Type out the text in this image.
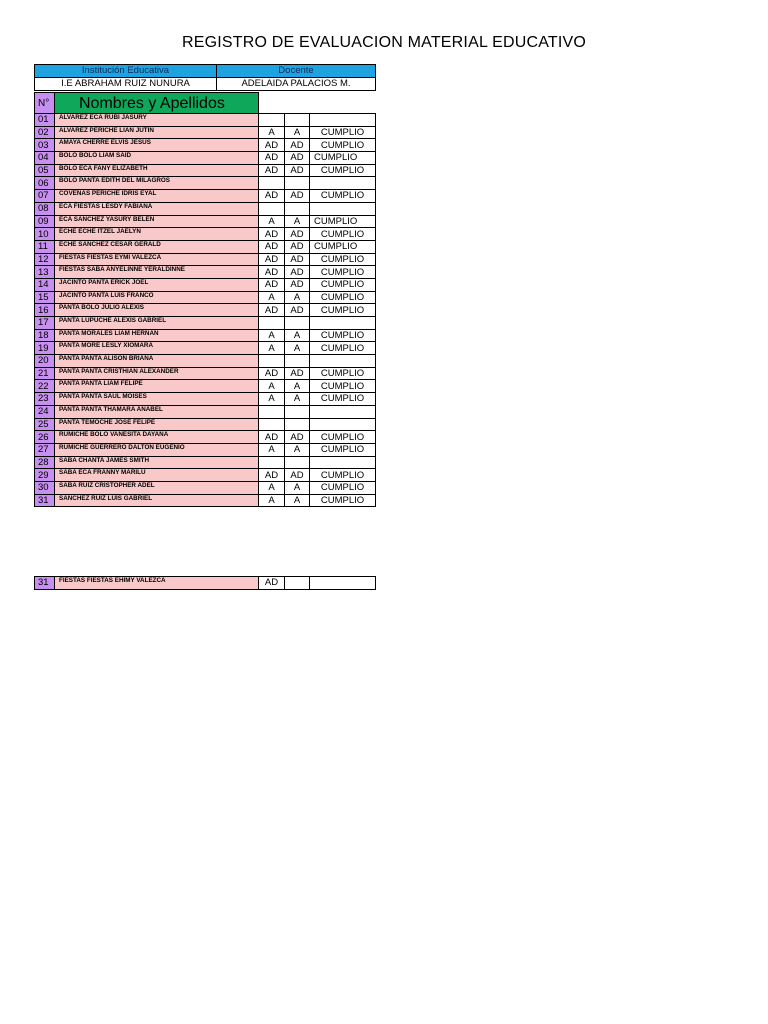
REGISTRO DE EVALUACION MATERIAL EDUCATIVO
Institución Educativa	Docente
I.E ABRAHAM RUIZ NUNURA	ADELAIDA PALACIOS M.
N°	Nombres y Apellidos			
01	ALVAREZ ECA RUBI JASURY			
02	ALVAREZ PERICHE LIAN JUTIN	A	A	CUMPLIO
03	AMAYA CHERRE ELVIS JESUS	AD	AD	CUMPLIO
04	BOLO BOLO LIAM SAID	AD	AD	CUMPLIO
05	BOLO ECA FANY ELIZABETH	AD	AD	CUMPLIO
06	BOLO PANTA EDITH DEL MILAGROS			
07	COVENAS PERICHE IDRIS EYAL	AD	AD	CUMPLIO
08	ECA FIESTAS LESDY FABIANA			
09	ECA SANCHEZ YASURY BELEN	A	A	CUMPLIO
10	ECHE ECHE ITZEL JAELYN	AD	AD	CUMPLIO
11	ECHE SANCHEZ CESAR GERALD	AD	AD	CUMPLIO
12	FIESTAS FIESTAS EYMI VALEZCA	AD	AD	CUMPLIO
13	FIESTAS SABA ANYELINNE YERALDINNE	AD	AD	CUMPLIO
14	JACINTO PANTA ERICK JOEL	AD	AD	CUMPLIO
15	JACINTO PANTA LUIS FRANCO	A	A	CUMPLIO
16	PANTA BOLO JULIO ALEXIS	AD	AD	CUMPLIO
17	PANTA LUPUCHE ALEXIS GABRIEL			
18	PANTA MORALES LIAM HERNAN	A	A	CUMPLIO
19	PANTA MORE LESLY XIOMARA	A	A	CUMPLIO
20	PANTA PANTA ALISON BRIANA			
21	PANTA PANTA CRISTHIAN ALEXANDER	AD	AD	CUMPLIO
22	PANTA PANTA LIAM FELIPE	A	A	CUMPLIO
23	PANTA PANTA SAUL MOISES	A	A	CUMPLIO
24	PANTA PANTA THAMARA ANABEL			
25	PANTA TEMOCHE JOSE FELIPE			
26	RUMICHE BOLO VANESITA DAYANA	AD	AD	CUMPLIO
27	RUMICHE GUERRERO DALTON EUGENIO	A	A	CUMPLIO
28	SABA CHANTA JAMES SMITH			
29	SABA ECA FRANNY MARILU	AD	AD	CUMPLIO
30	SABA RUIZ CRISTOPHER ADEL	A	A	CUMPLIO
31	SANCHEZ RUIZ LUIS GABRIEL	A	A	CUMPLIO
31	FIESTAS FIESTAS EHIMY VALEZCA	AD		
